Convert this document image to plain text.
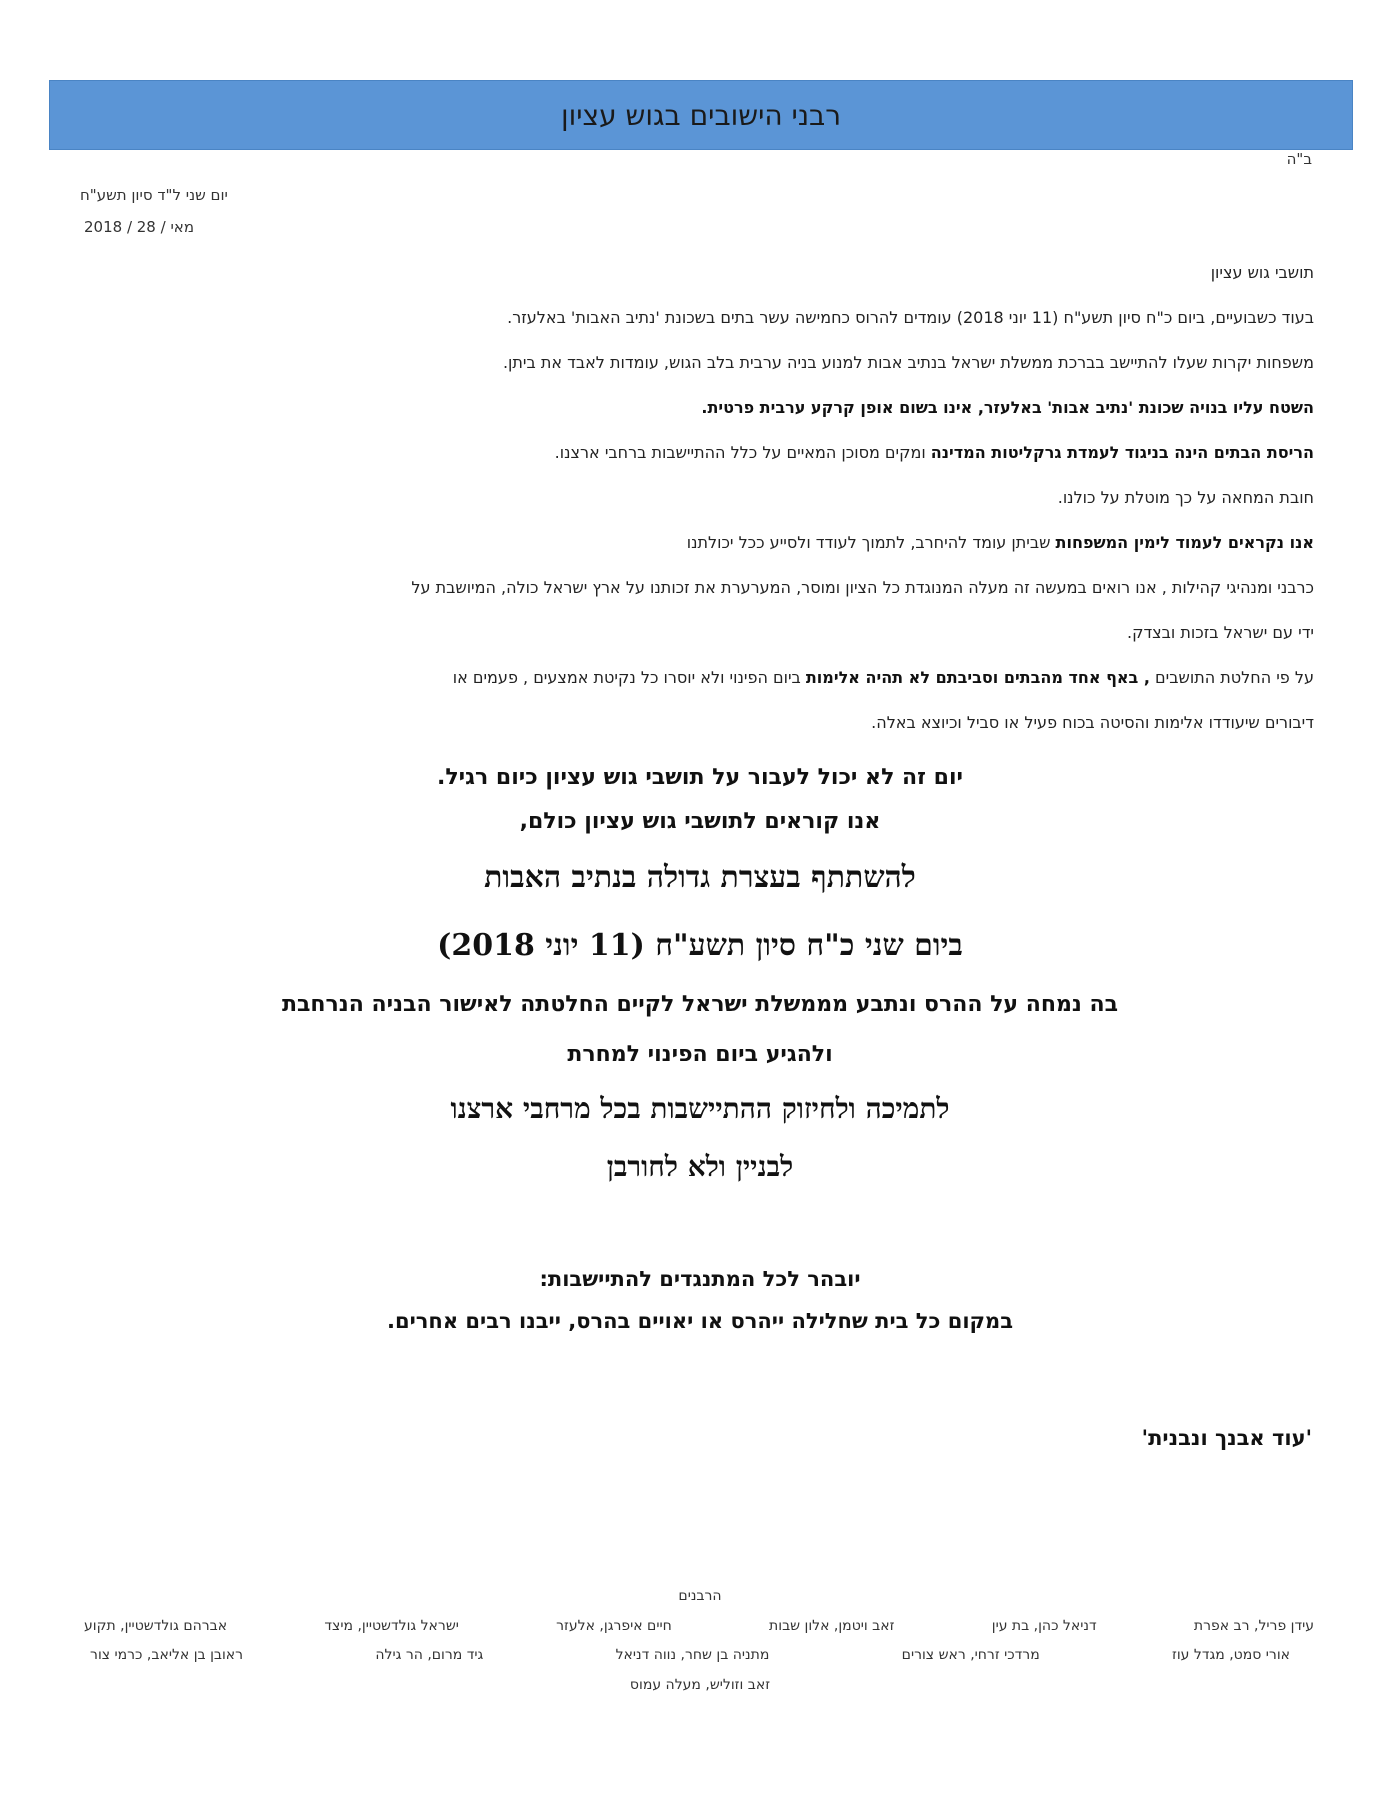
רבני הישובים בגוש עציון
ב"ה
יום שני ל"ד סיון תשע"ח
2018 / מאי / 28

תושבי גוש עציון

בעוד כשבועיים, ביום כ"ח סיון תשע"ח (11 יוני 2018) עומדים להרוס כחמישה עשר בתים בשכונת 'נתיב האבות' באלעזר.

משפחות יקרות שעלו להתיישב בברכת ממשלת ישראל בנתיב אבות למנוע בניה ערבית בלב הגוש, עומדות לאבד את ביתן.

השטח עליו בנויה שכונת 'נתיב אבות' באלעזר, אינו בשום אופן קרקע ערבית פרטית.

הריסת הבתים הינה בניגוד לעמדת גרקליטות המדינה ומקים מסוכן המאיים על כלל ההתיישבות ברחבי ארצנו.

חובת המחאה על כך מוטלת על כולנו.

אנו נקראים לעמוד לימין המשפחות שביתן עומד להיחרב, לתמוך לעודד ולסייע ככל יכולתנו

כרבני ומנהיגי קהילות , אנו רואים במעשה זה מעלה המנוגדת כל הציון ומוסר, המערערת את זכותנו על ארץ ישראל כולה, המיושבת על

ידי עם ישראל בזכות ובצדק.

על פי החלטת התושבים , באף אחד מהבתים וסביבתם לא תהיה אלימות ביום הפינוי ולא יוסרו כל נקיטת אמצעים , פעמים או

דיבורים שיעודדו אלימות והסיטה בכוח פעיל או סביל וכיוצא באלה.

יום זה לא יכול לעבור על תושבי גוש עציון כיום רגיל.
אנו קוראים לתושבי גוש עציון כולם,
להשתתף בעצרת גדולה בנתיב האבות
ביום שני כ"ח סיון תשע"ח (11 יוני 2018)
בה נמחה על ההרס ונתבע מממשלת ישראל לקיים החלטתה לאישור הבניה הנרחבת
ולהגיע ביום הפינוי למחרת
לתמיכה ולחיזוק ההתיישבות בכל מרחבי ארצנו
לבניין ולא לחורבן
יובהר לכל המתנגדים להתיישבות:
במקום כל בית שחלילה ייהרס או יאויים בהרס, ייבנו רבים אחרים.
'עוד אבנך ונבנית'
הרבנים
עידן פריל, רב אפרת
דניאל כהן, בת עין
זאב ויטמן, אלון שבות
חיים איפרגן, אלעזר
ישראל גולדשטיין, מיצד
אברהם גולדשטיין, תקוע
אורי סמט, מגדל עוז
מרדכי זרחי, ראש צורים
מתניה בן שחר, נווה דניאל
גיד מרום, הר גילה
ראובן בן אליאב, כרמי צור
זאב וזוליש, מעלה עמוס
